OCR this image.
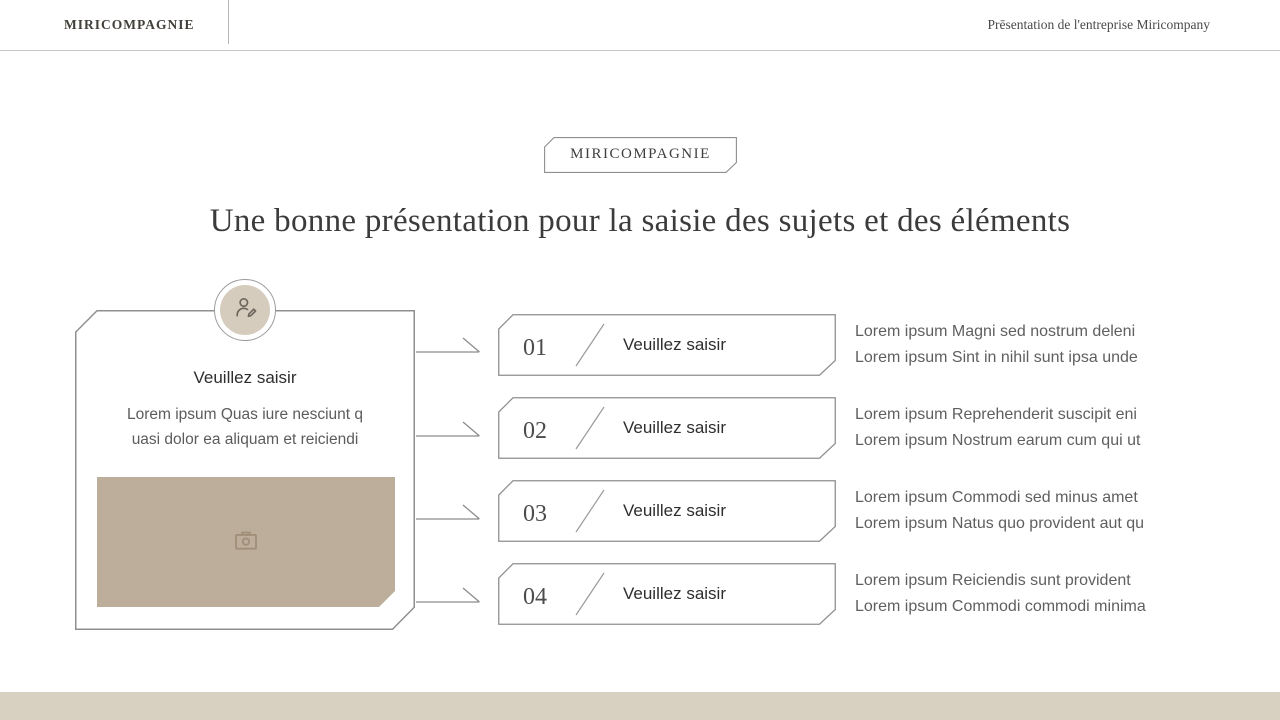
MIRICOMPAGNIE	Prēsentation de l'entreprise Miricompany
MIRICOMPAGNIE
Une bonne présentation pour la saisie des sujets et des éléments
Veuillez saisir
Lorem ipsum Quas iure nesciunt q
uasi dolor ea aliquam et reiciendi
01	Veuillez saisir
Lorem ipsum Magni sed nostrum deleni
Lorem ipsum Sint in nihil sunt ipsa unde
02	Veuillez saisir
Lorem ipsum Reprehenderit suscipit eni
Lorem ipsum Nostrum earum cum qui ut
03	Veuillez saisir
Lorem ipsum Commodi sed minus amet
Lorem ipsum Natus quo provident aut qu
04	Veuillez saisir
Lorem ipsum Reiciendis sunt provident
Lorem ipsum Commodi commodi minima
